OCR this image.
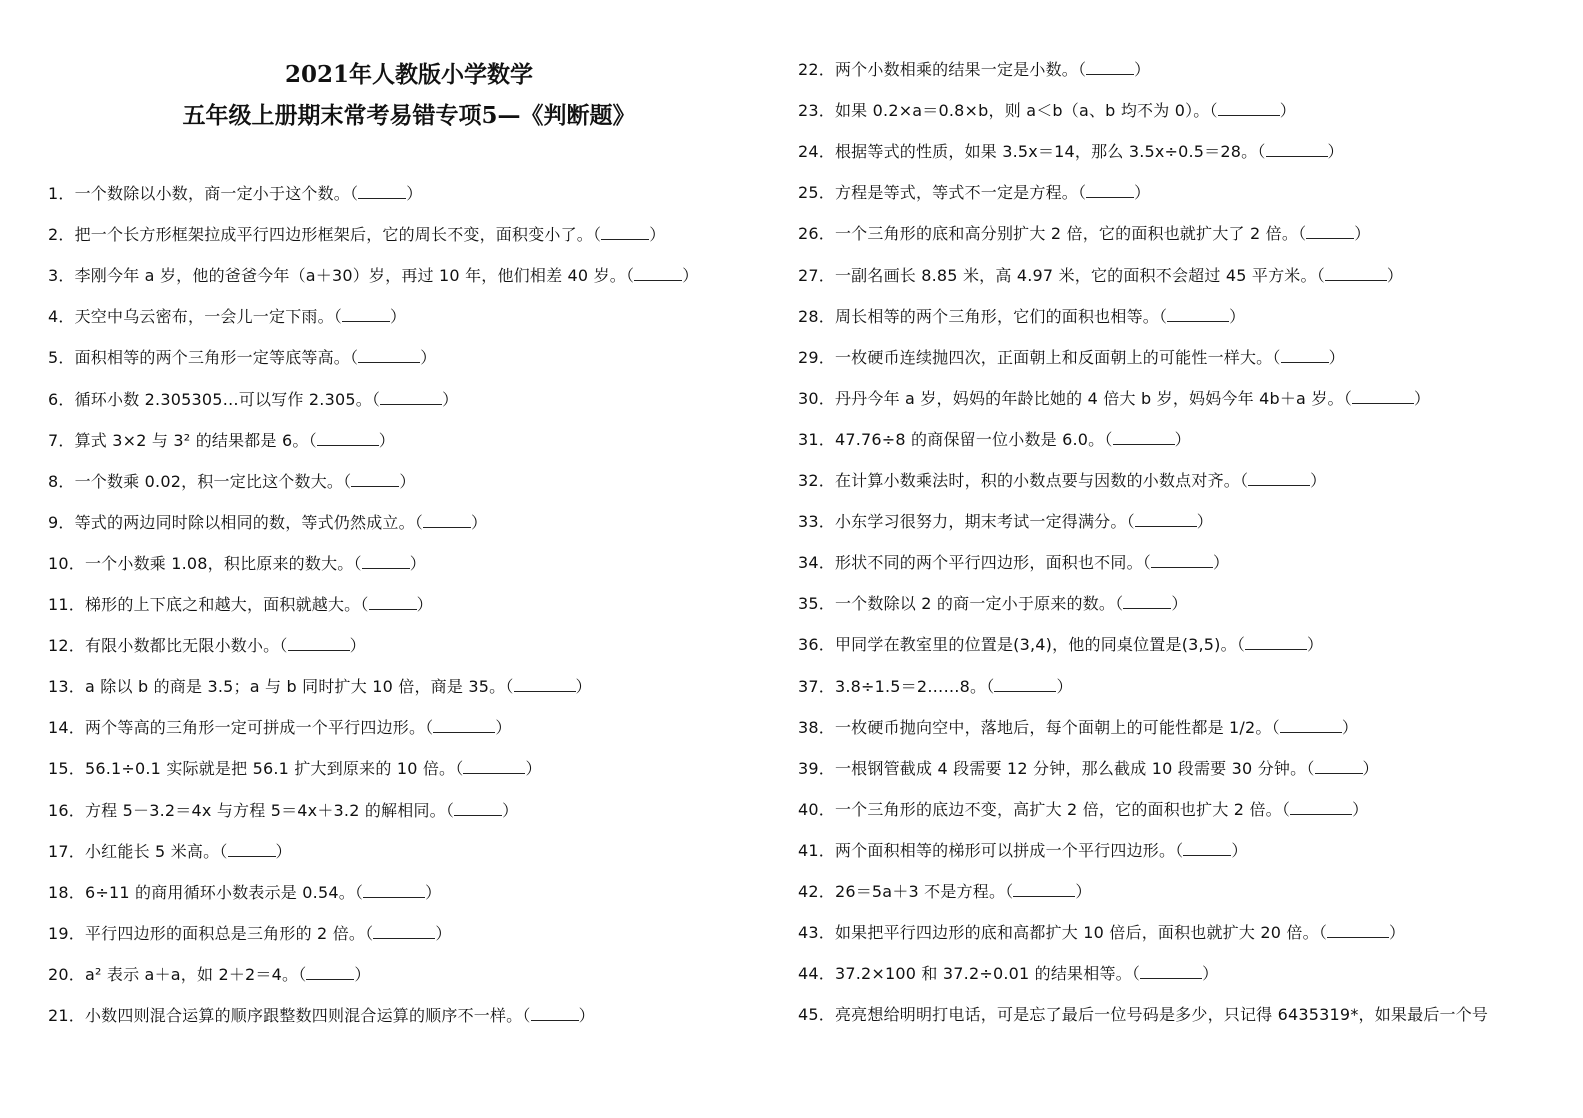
2021年人教版小学数学
五年级上册期末常考易错专项5—《判断题》
1．一个数除以小数，商一定小于这个数。（	）
2．把一个长方形框架拉成平行四边形框架后，它的周长不变，面积变小了。（	）
3．李刚今年 a 岁，他的爸爸今年（a＋30）岁，再过 10 年，他们相差 40 岁。（	）
4．天空中乌云密布，一会儿一定下雨。（	）
5．面积相等的两个三角形一定等底等高。（	）
6．循环小数 2.305305…可以写作 2.305。（	）
7．算式 3×2 与 3² 的结果都是 6。（	）
8．一个数乘 0.02，积一定比这个数大。（	）
9．等式的两边同时除以相同的数，等式仍然成立。（	）
10．一个小数乘 1.08，积比原来的数大。（	）
11．梯形的上下底之和越大，面积就越大。（	）
12．有限小数都比无限小数小。（	）
13．a 除以 b 的商是 3.5；a 与 b 同时扩大 10 倍，商是 35。（	）
14．两个等高的三角形一定可拼成一个平行四边形。（	）
15．56.1÷0.1 实际就是把 56.1 扩大到原来的 10 倍。（	）
16．方程 5－3.2＝4x 与方程 5＝4x＋3.2 的解相同。（	）
17．小红能长 5 米高。（	）
18．6÷11 的商用循环小数表示是 0.54。（	）
19．平行四边形的面积总是三角形的 2 倍。（	）
20．a² 表示 a＋a，如 2＋2＝4。（	）
21．小数四则混合运算的顺序跟整数四则混合运算的顺序不一样。（	）
22．两个小数相乘的结果一定是小数。（	）
23．如果 0.2×a＝0.8×b，则 a＜b（a、b 均不为 0）。（	）
24．根据等式的性质，如果 3.5x＝14，那么 3.5x÷0.5＝28。（	）
25．方程是等式，等式不一定是方程。（	）
26．一个三角形的底和高分别扩大 2 倍，它的面积也就扩大了 2 倍。（	）
27．一副名画长 8.85 米，高 4.97 米，它的面积不会超过 45 平方米。（	）
28．周长相等的两个三角形，它们的面积也相等。（	）
29．一枚硬币连续抛四次，正面朝上和反面朝上的可能性一样大。（	）
30．丹丹今年 a 岁，妈妈的年龄比她的 4 倍大 b 岁，妈妈今年 4b＋a 岁。（	）
31．47.76÷8 的商保留一位小数是 6.0。（	）
32．在计算小数乘法时，积的小数点要与因数的小数点对齐。（	）
33．小东学习很努力，期末考试一定得满分。（	）
34．形状不同的两个平行四边形，面积也不同。（	）
35．一个数除以 2 的商一定小于原来的数。（	）
36．甲同学在教室里的位置是(3,4)，他的同桌位置是(3,5)。（	）
37．3.8÷1.5＝2……8。（	）
38．一枚硬币抛向空中，落地后，每个面朝上的可能性都是 1/2。（	）
39．一根钢管截成 4 段需要 12 分钟，那么截成 10 段需要 30 分钟。（	）
40．一个三角形的底边不变，高扩大 2 倍，它的面积也扩大 2 倍。（	）
41．两个面积相等的梯形可以拼成一个平行四边形。（	）
42．26＝5a＋3 不是方程。（	）
43．如果把平行四边形的底和高都扩大 10 倍后，面积也就扩大 20 倍。（	）
44．37.2×100 和 37.2÷0.01 的结果相等。（	）
45．亮亮想给明明打电话，可是忘了最后一位号码是多少，只记得 6435319*，如果最后一个号
